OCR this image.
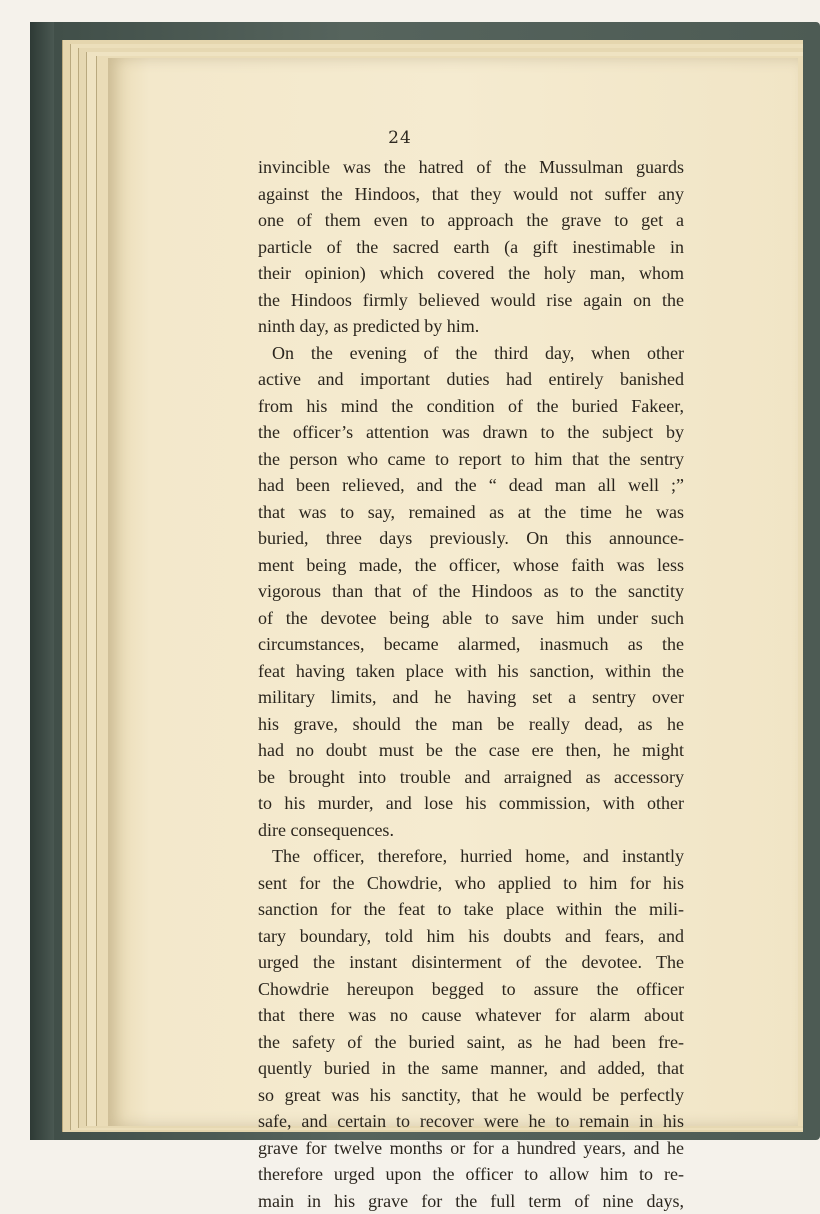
24
invincible was the hatred of the Mussulman guards
against the Hindoos, that they would not suffer any
one of them even to approach the grave to get a
particle of the sacred earth (a gift inestimable in
their opinion) which covered the holy man, whom
the Hindoos firmly believed would rise again on the
ninth day, as predicted by him.
On the evening of the third day, when other
active and important duties had entirely banished
from his mind the condition of the buried Fakeer,
the officer’s attention was drawn to the subject by
the person who came to report to him that the sentry
had been relieved, and the “ dead man all well ;”
that was to say, remained as at the time he was
buried, three days previously. On this announce-
ment being made, the officer, whose faith was less
vigorous than that of the Hindoos as to the sanctity
of the devotee being able to save him under such
circumstances, became alarmed, inasmuch as the
feat having taken place with his sanction, within the
military limits, and he having set a sentry over
his grave, should the man be really dead, as he
had no doubt must be the case ere then, he might
be brought into trouble and arraigned as accessory
to his murder, and lose his commission, with other
dire consequences.
The officer, therefore, hurried home, and instantly
sent for the Chowdrie, who applied to him for his
sanction for the feat to take place within the mili-
tary boundary, told him his doubts and fears, and
urged the instant disinterment of the devotee. The
Chowdrie hereupon begged to assure the officer
that there was no cause whatever for alarm about
the safety of the buried saint, as he had been fre-
quently buried in the same manner, and added, that
so great was his sanctity, that he would be perfectly
safe, and certain to recover were he to remain in his
grave for twelve months or for a hundred years, and he
therefore urged upon the officer to allow him to re-
main in his grave for the full term of nine days,
